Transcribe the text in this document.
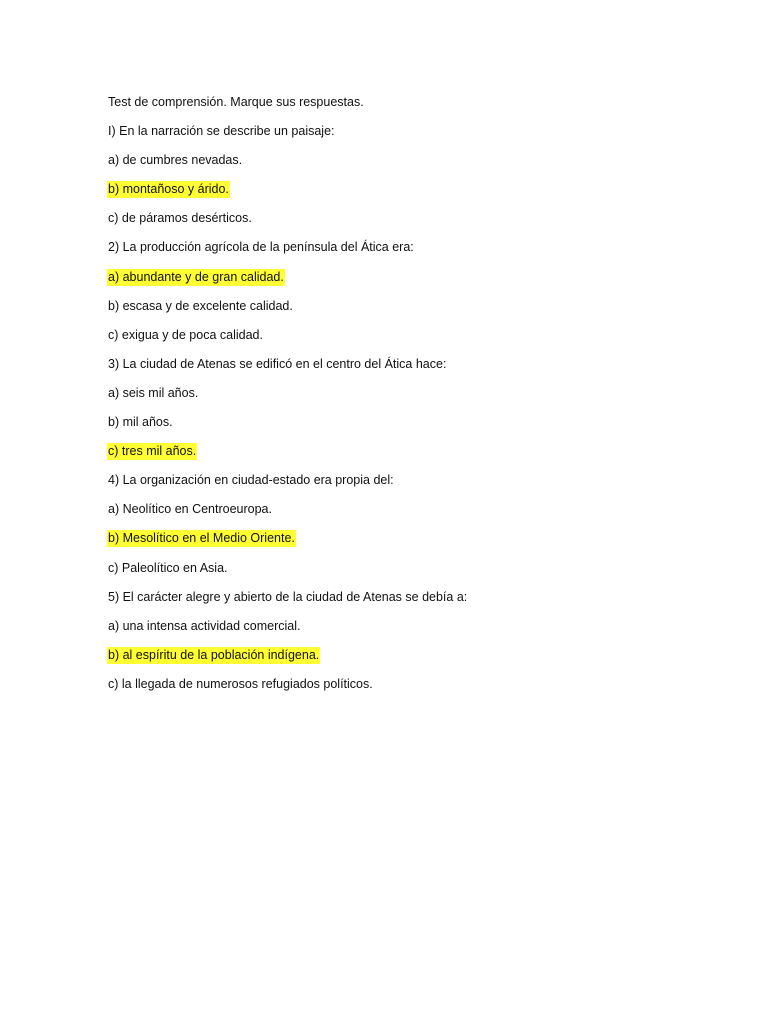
Test de comprensión. Marque sus respuestas.
I) En la narración se describe un paisaje:
a) de cumbres nevadas.
b) montañoso y árido.
c) de páramos desérticos.
2) La producción agrícola de la península del Ática era:
a) abundante y de gran calidad.
b) escasa y de excelente calidad.
c) exigua y de poca calidad.
3) La ciudad de Atenas se edificó en el centro del Ática hace:
a) seis mil años.
b) mil años.
c) tres mil años.
4) La organización en ciudad-estado era propia del:
a) Neolítico en Centroeuropa.
b) Mesolítico en el Medio Oriente.
c) Paleolítico en Asia.
5) El carácter alegre y abierto de la ciudad de Atenas se debía a:
a) una intensa actividad comercial.
b) al espíritu de la población indígena.
c) la llegada de numerosos refugiados políticos.
